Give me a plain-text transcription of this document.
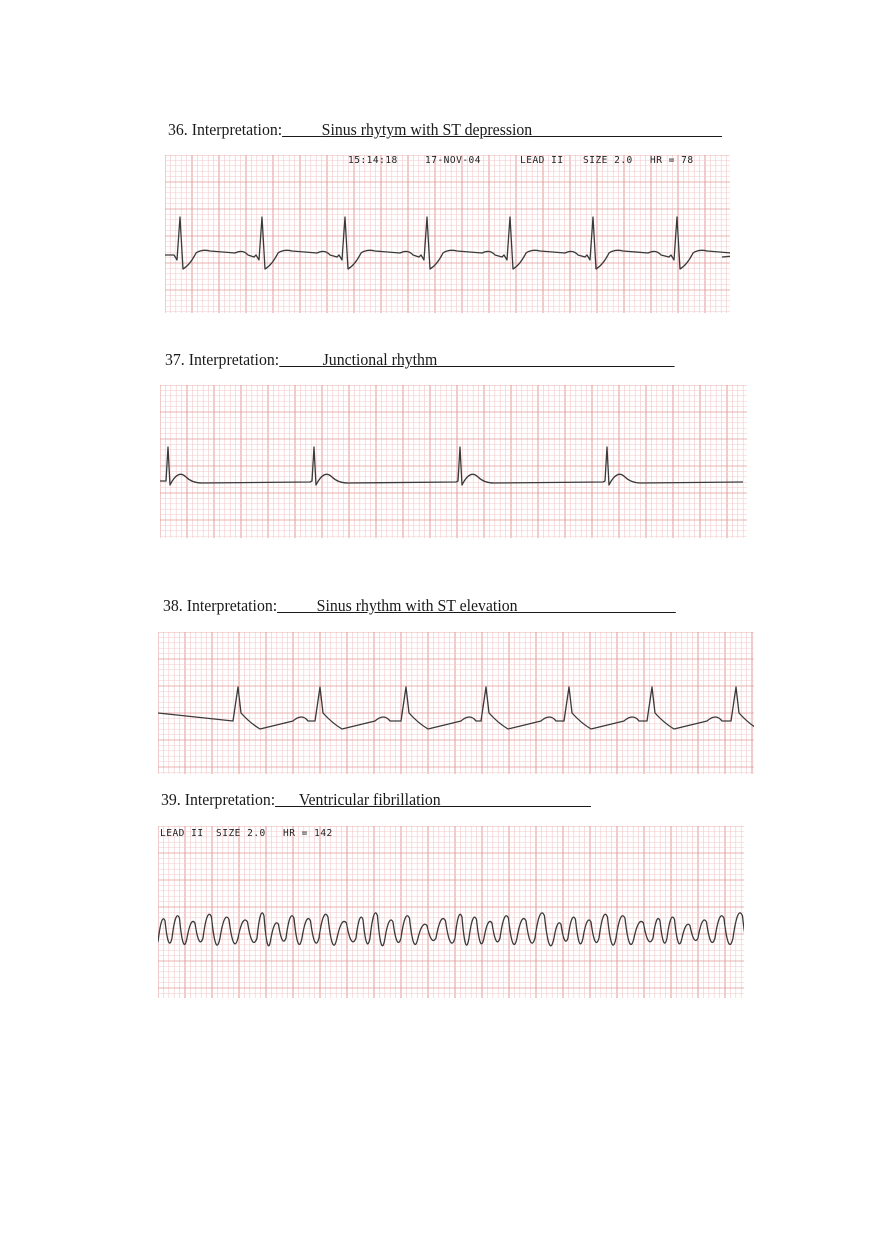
36. Interpretation:_____Sinus rhytym with ST depression________________________
15:14:18	17-NOV-04	LEAD II SIZE 2.0 HR = 78
37. Interpretation: _____Junctional rhythm______________________________
38. Interpretation:_____Sinus rhythm with ST elevation____________________
39. Interpretation:___Ventricular fibrillation___________________
LEAD II SIZE 2.0 HR = 142
